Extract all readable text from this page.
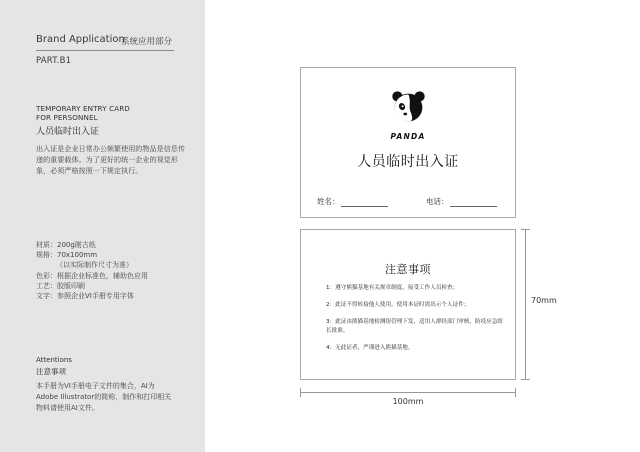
Brand Application
系统应用部分
PART.B1
TEMPORARY ENTRY CARD
FOR PERSONNEL
人员临时出入证
出入证是企业日常办公频繁使用的物品是信息传递的重要载体。为了更好的统一企业的视觉形象，必须严格按照一下规定执行。
材质：200g刚古纸
规格：70x100mm
（以实际制作尺寸为准）
色彩：根据企业标准色，辅助色应用
工艺：胶版印刷
文字：参照企业VI手册专用字体
Attentions
注意事项
本手册为VI手册电子文件的集合，AI为Adobe Illustrator的简称，制作和打印相关物料请使用AI文件。
PANDA
人员临时出入证
姓名：	电话：
注意事项
1：遵守熊猫基地有关规章制度，接受工作人员检查；
2：此证不得转接他人使用，使用本证时需出示个人证件；
3：此证由熊猫基地检测组管理下发，适用人群经部门审核，防疫应急组长批准。
4：无此证者，严谨进入熊猫基地。
100mm
70mm
